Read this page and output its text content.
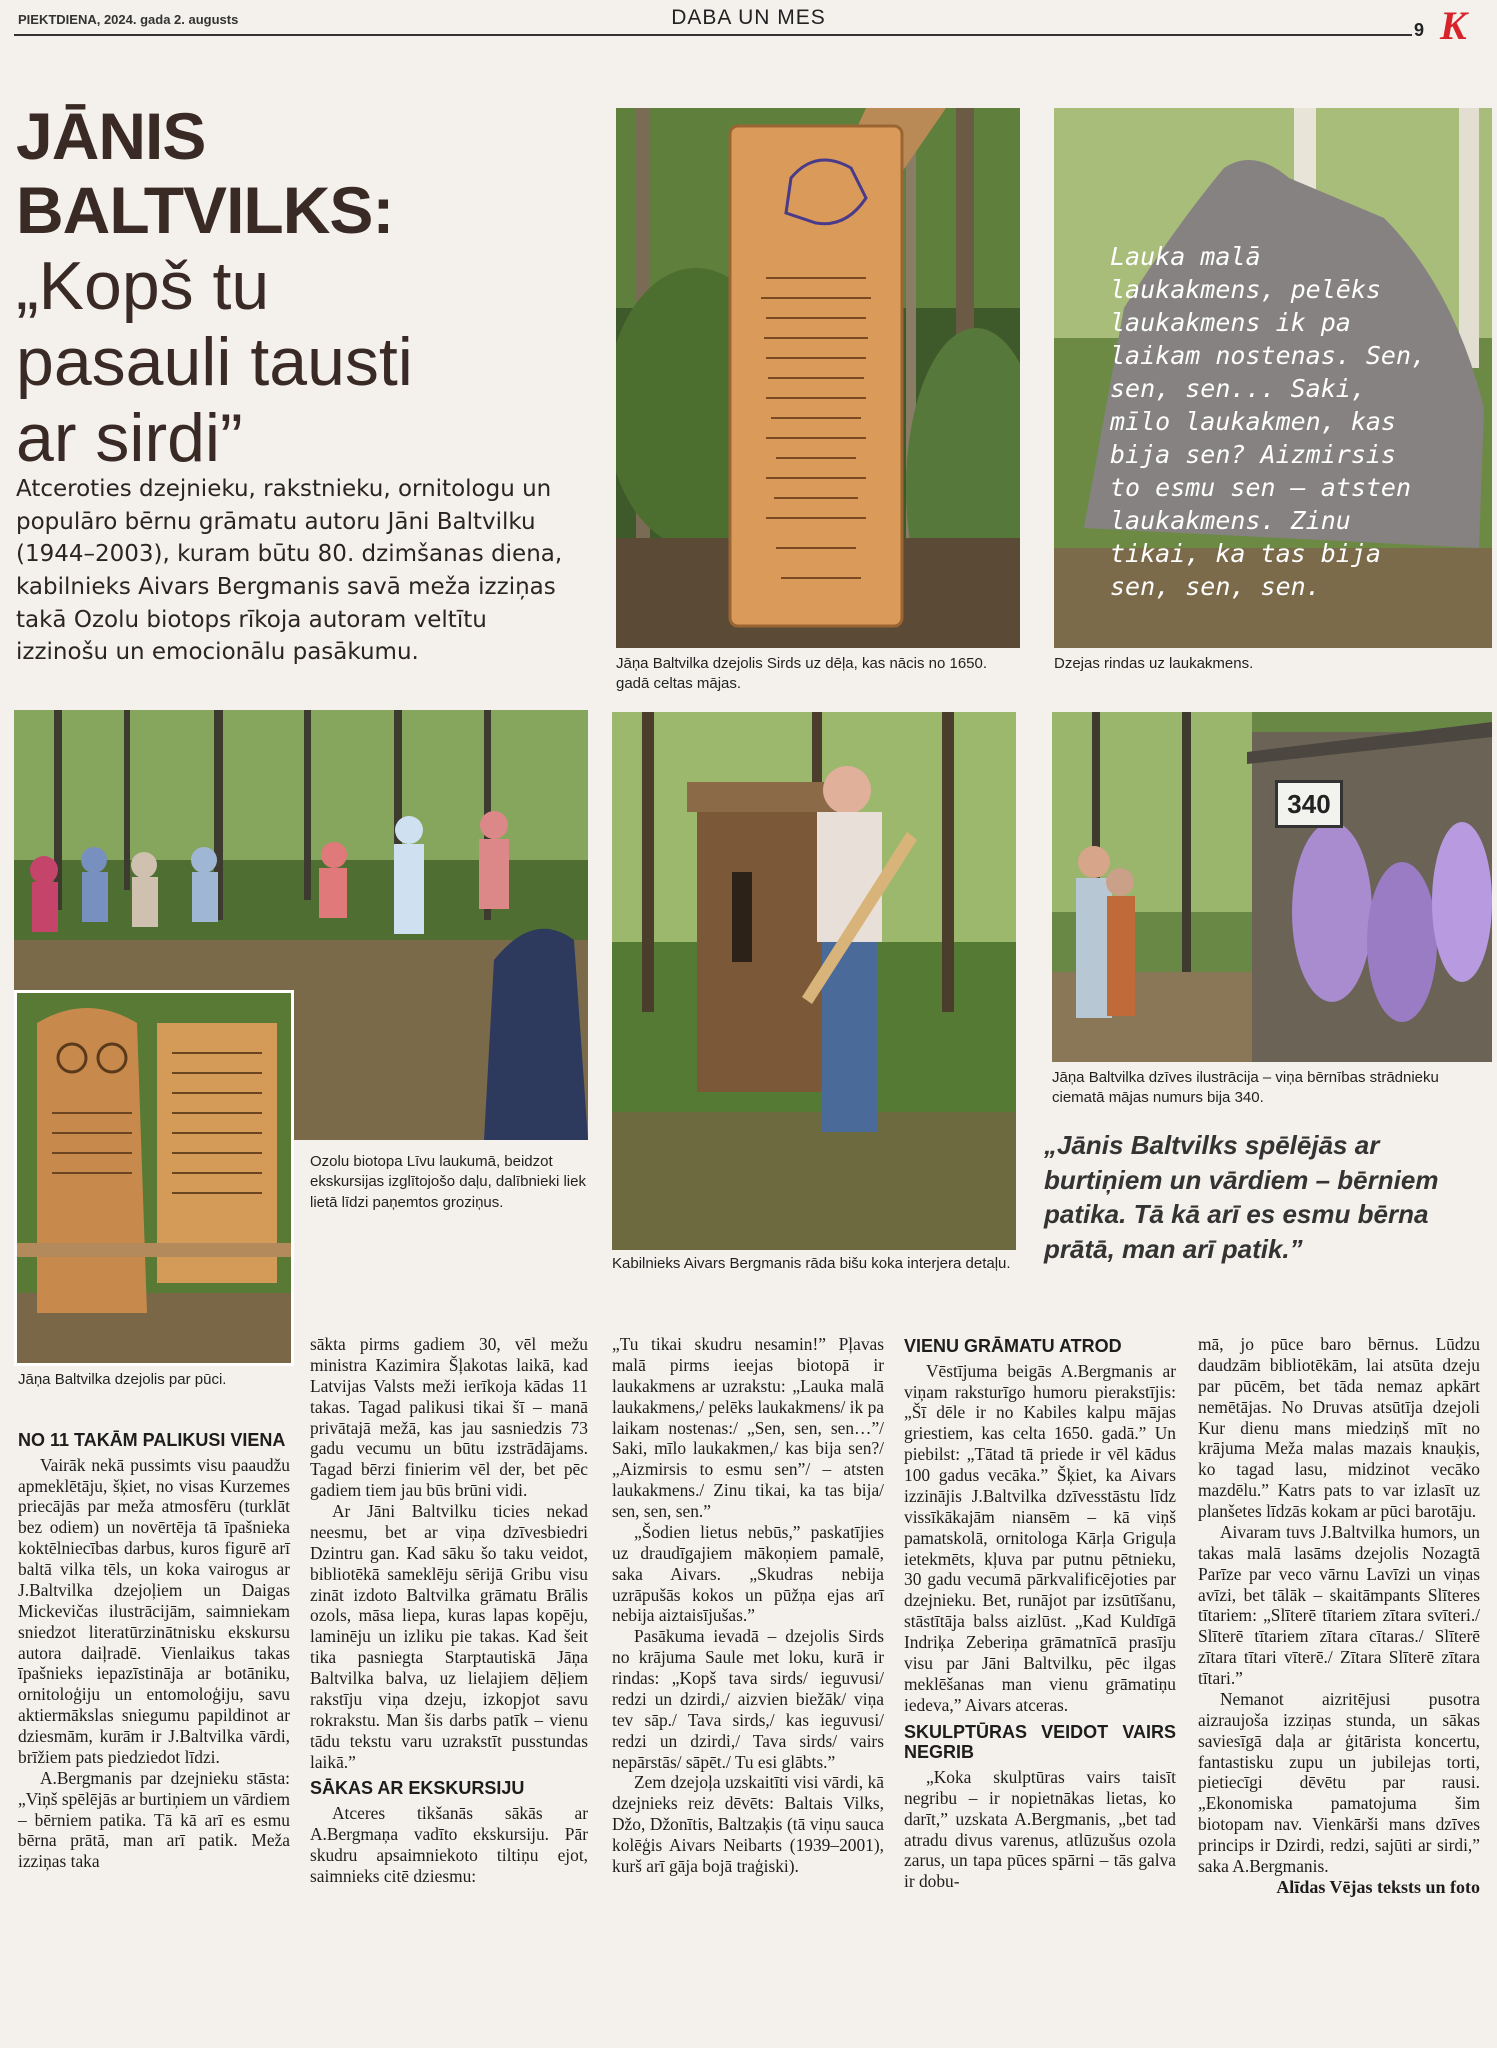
PIEKTDIENA, 2024. gada 2. augusts	DABA UN MES
9 K
JĀNIS BALTVILKS:
„Kopš tu
pasauli tausti
ar sirdi”
Atceroties dzejnieku, rakstnieku, ornitologu un populāro bērnu grāmatu autoru Jāni Baltvilku (1944–2003), kuram būtu 80. dzimšanas diena, kabilnieks Aivars Bergmanis savā meža izziņas takā Ozolu biotops rīkoja autoram veltītu izzinošu un emocionālu pasākumu.	Jāņa Baltvilka dzejolis Sirds uz dēļa, kas nācis no 1650. gadā celtas mājas.
Lauka malā laukakmens, pelēks laukakmens ik pa laikam nostenas. Sen, sen, sen... Saki, mīlo laukakmen, kas bija sen? Aizmirsis to esmu sen – atsten laukakmens. Zinu tikai, ka tas bija sen, sen, sen.
Dzejas rindas uz laukakmens.
Ozolu biotopa Līvu laukumā, beidzot ekskursijas izglītojošo daļu, dalībnieki liek lietā līdzi paņemtos groziņus.
Jāņa Baltvilka dzejolis par pūci.
Kabilnieks Aivars Bergmanis rāda bišu koka interjera detaļu.
340
Jāņa Baltvilka dzīves ilustrācija – viņa bērnības strādnieku ciematā mājas numurs bija 340.
„Jānis Baltvilks spēlējās ar burtiņiem un vārdiem – bērniem patika. Tā kā arī es esmu bērna prātā, man arī patik.”

NO 11 TAKĀM PALIKUSI VIENA

Vairāk nekā pussimts visu paaudžu apmeklētāju, šķiet, no visas Kurzemes priecājās par meža atmosfēru (turklāt bez odiem) un novērtēja tā īpašnieka koktēlniecības darbus, kuros figurē arī baltā vilka tēls, un koka vairogus ar J.Baltvilka dzejoļiem un Daigas Mickevičas ilustrācijām, saimniekam sniedzot literatūrzinātnisku ekskursu autora daiļradē. Vienlaikus takas īpašnieks iepazīstināja ar botāniku, ornitoloģiju un entomoloģiju, savu aktiermākslas sniegumu papildinot ar dziesmām, kurām ir J.Baltvilka vārdi, brīžiem pats piedziedot līdzi.

A.Bergmanis par dzejnieku stāsta: „Viņš spēlējās ar burtiņiem un vārdiem – bērniem patika. Tā kā arī es esmu bērna prātā, man arī patik. Meža izziņas taka

sākta pirms gadiem 30, vēl mežu ministra Kazimira Šļakotas laikā, kad Latvijas Valsts meži ierīkoja kādas 11 takas. Tagad palikusi tikai šī – manā privātajā mežā, kas jau sasniedzis 73 gadu vecumu un būtu izstrādājams. Tagad bērzi finierim vēl der, bet pēc gadiem tiem jau būs brūni vidi.

Ar Jāni Baltvilku ticies nekad neesmu, bet ar viņa dzīvesbiedri Dzintru gan. Kad sāku šo taku veidot, bibliotēkā sameklēju sērijā Gribu visu zināt izdoto Baltvilka grāmatu Brālis ozols, māsa liepa, kuras lapas kopēju, laminēju un izliku pie takas. Kad šeit tika pasniegta Starptautiskā Jāņa Baltvilka balva, uz lielajiem dēļiem rakstīju viņa dzeju, izkopjot savu rokrakstu. Man šis darbs patīk – vienu tādu tekstu varu uzrakstīt pusstundas laikā.”

SĀKAS AR EKSKURSIJU

Atceres tikšanās sākās ar A.Bergmaņa vadīto ekskursiju. Pār skudru apsaimniekoto tiltiņu ejot, saimnieks citē dziesmu:

„Tu tikai skudru nesamin!” Pļavas malā pirms ieejas biotopā ir laukakmens ar uzrakstu: „Lauka malā laukakmens,/ pelēks laukakmens/ ik pa laikam nostenas:/ „Sen, sen, sen…”/ Saki, mīlo laukakmen,/ kas bija sen?/ „Aizmirsis to esmu sen”/ – atsten laukakmens./ Zinu tikai, ka tas bija/ sen, sen, sen.”

„Šodien lietus nebūs,” paskatījies uz draudīgajiem mākoņiem pamalē, saka Aivars. „Skudras nebija uzrāpušās kokos un pūžņa ejas arī nebija aiztaisījušas.”

Pasākuma ievadā – dzejolis Sirds no krājuma Saule met loku, kurā ir rindas: „Kopš tava sirds/ ieguvusi/ redzi un dzirdi,/ aizvien biežāk/ viņa tev sāp./ Tava sirds,/ kas ieguvusi/ redzi un dzirdi,/ Tava sirds/ vairs nepārstās/ sāpēt./ Tu esi glābts.”

Zem dzejoļa uzskaitīti visi vārdi, kā dzejnieks reiz dēvēts: Baltais Vilks, Džo, Džonītis, Baltzaķis (tā viņu sauca kolēģis Aivars Neibarts (1939–2001), kurš arī gāja bojā traģiski).

VIENU GRĀMATU ATROD

Vēstījuma beigās A.Bergmanis ar viņam raksturīgo humoru pierakstījis: „Šī dēle ir no Kabiles kalpu mājas griestiem, kas celta 1650. gadā.” Un piebilst: „Tātad tā priede ir vēl kādus 100 gadus vecāka.” Šķiet, ka Aivars izzinājis J.Baltvilka dzīvesstāstu līdz vissīkākajām niansēm – kā viņš pamatskolā, ornitologa Kārļa Griguļa ietekmēts, kļuva par putnu pētnieku, 30 gadu vecumā pārkvalificējoties par dzejnieku. Bet, runājot par izsūtīšanu, stāstītāja balss aizlūst. „Kad Kuldīgā Indriķa Zeberiņa grāmatnīcā prasīju visu par Jāni Baltvilku, pēc ilgas meklēšanas man vienu grāmatiņu iedeva,” Aivars atceras.

SKULPTŪRAS VEIDOT VAIRS NEGRIB

„Koka skulptūras vairs taisīt negribu – ir nopietnākas lietas, ko darīt,” uzskata A.Bergmanis, „bet tad atradu divus varenus, atlūzušus ozola zarus, un tapa pūces spārni – tās galva ir dobu-

mā, jo pūce baro bērnus. Lūdzu daudzām bibliotēkām, lai atsūta dzeju par pūcēm, bet tāda nemaz apkārt nemētājas. No Druvas atsūtīja dzejoli Kur dienu mans miedziņš mīt no krājuma Meža malas mazais knauķis, ko tagad lasu, midzinot vecāko mazdēlu.” Katrs pats to var izlasīt uz planšetes līdzās kokam ar pūci barotāju.

Aivaram tuvs J.Baltvilka humors, un takas malā lasāms dzejolis Nozagtā Parīze par veco vārnu Lavīzi un viņas avīzi, bet tālāk – skaitāmpants Slīteres tītariem: „Slīterē tītariem zītara svīteri./ Slīterē tītariem zītara cītaras./ Slīterē zītara tītari vīterē./ Zītara Slīterē zītara tītari.”

Nemanot aizritējusi pusotra aizraujoša izziņas stunda, un sākas saviesīgā daļa ar ģitārista koncertu, fantastisku zupu un jubilejas torti, pietiecīgi dēvētu par rausi. „Ekonomiska pamatojuma šim biotopam nav. Vienkārši mans dzīves princips ir Dzirdi, redzi, sajūti ar sirdi,” saka A.Bergmanis.

Alīdas Vējas teksts un foto
